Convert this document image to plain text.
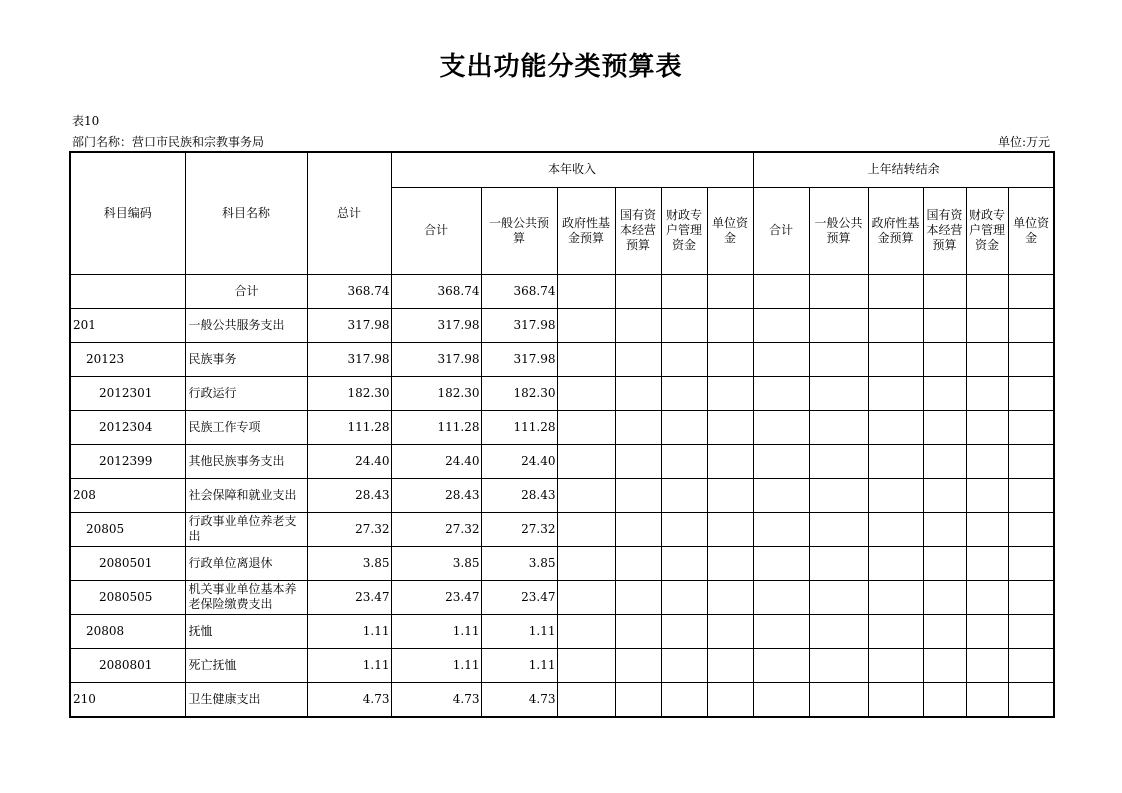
支出功能分类预算表
表10
部门名称：营口市民族和宗教事务局	单位:万元
科目编码	科目名称	总计	本年收入						上年结转结余						
			合计	一般公共预算	政府性基金预算	国有资本经营预算	财政专户管理资金	单位资金	合计	一般公共预算	政府性基金预算	国有资本经营预算	财政专户管理资金	单位资金	
	合计	368.74	368.74	368.74												
201	一般公共服务支出	317.98	317.98	317.98												
20123	民族事务	317.98	317.98	317.98												
2012301	行政运行	182.30	182.30	182.30												
2012304	民族工作专项	111.28	111.28	111.28												
2012399	其他民族事务支出	24.40	24.40	24.40												
208	社会保障和就业支出	28.43	28.43	28.43												
20805	行政事业单位养老支出	27.32	27.32	27.32												
2080501	行政单位离退休	3.85	3.85	3.85												
2080505	机关事业单位基本养老保险缴费支出	23.47	23.47	23.47												
20808	抚恤	1.11	1.11	1.11												
2080801	死亡抚恤	1.11	1.11	1.11												
210	卫生健康支出	4.73	4.73	4.73												
